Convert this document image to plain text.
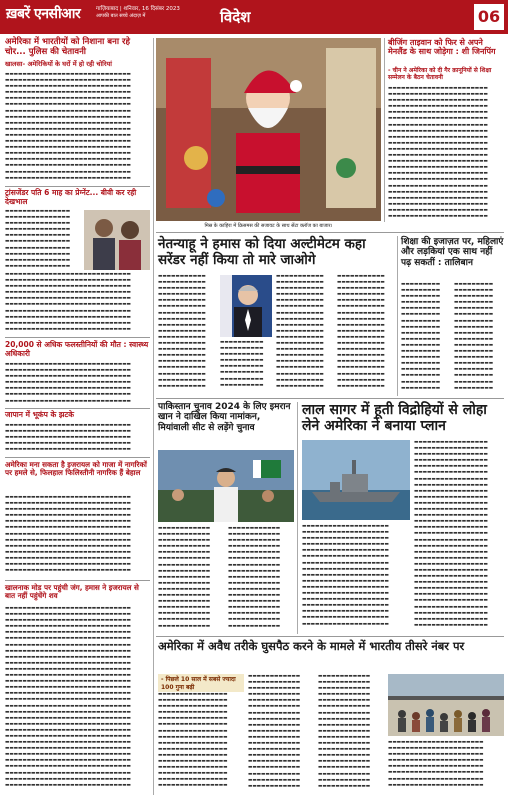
ख़बरें एनसीआर	गाज़ियाबाद | शनिवार, 16 दिसंबर 2023
आपकी बात सच्चे अंदाज़ में	विदेश	06
अमेरिका में भारतीयों को निशाना बना रहे चोर... पुलिस की चेतावनी
खालसा- अमेरिकियों के घरों में हो रही चोरियां
▬▬▬▬▬▬▬▬▬▬▬▬▬▬▬▬▬▬▬▬▬▬▬▬▬▬▬▬▬ ▬▬▬▬▬▬▬▬▬▬▬▬▬▬▬▬▬▬▬▬▬▬▬▬▬▬▬▬▬ ▬▬▬▬▬▬▬▬▬▬▬▬▬▬▬▬▬▬▬▬▬▬▬▬▬▬▬▬▬ ▬▬▬▬▬▬▬▬▬▬▬▬▬▬▬▬▬▬▬▬▬▬▬▬▬▬▬▬▬ ▬▬▬▬▬▬▬▬▬▬▬▬▬▬▬▬▬▬▬▬▬▬▬▬▬▬▬▬▬ ▬▬▬▬▬▬▬▬▬▬▬▬▬▬▬▬▬▬▬▬▬▬▬▬▬▬▬▬▬ ▬▬▬▬▬▬▬▬▬▬▬▬▬▬▬▬▬▬▬▬▬▬▬▬▬▬▬▬▬ ▬▬▬▬▬▬▬▬▬▬▬▬▬▬▬▬▬▬▬▬▬▬▬▬▬▬▬▬▬ ▬▬▬▬▬▬▬▬▬▬▬▬▬▬▬▬▬▬▬▬▬▬▬▬▬▬▬▬▬ ▬▬▬▬▬▬▬▬▬▬▬▬▬▬▬▬▬▬▬▬▬▬▬▬▬▬▬▬▬ ▬▬▬▬▬▬▬▬▬▬▬▬▬▬▬▬▬▬▬▬▬▬▬▬▬▬▬▬▬ ▬▬▬▬▬▬▬▬▬▬▬▬▬▬▬▬▬▬▬▬▬▬▬▬▬▬▬▬▬ ▬▬▬▬▬▬▬▬▬▬▬▬▬▬▬▬▬▬▬▬▬▬▬▬▬▬▬▬▬ ▬▬▬▬▬▬▬▬▬▬▬▬▬▬▬▬▬▬▬▬▬▬▬▬▬▬▬▬▬ ▬▬▬▬▬▬▬▬▬▬▬▬▬▬▬▬▬▬▬▬▬▬▬▬▬▬▬▬▬ ▬▬▬▬▬▬▬▬▬▬▬▬▬▬▬▬▬▬▬▬▬▬▬▬▬▬▬▬▬ ▬▬▬▬▬▬▬▬▬▬▬▬▬▬▬▬▬▬▬▬▬▬▬▬▬▬▬▬▬ ▬▬▬▬▬▬▬▬▬▬▬▬▬▬▬▬▬▬▬▬▬▬▬▬▬▬▬▬▬
ट्रांसजेंडर पति 6 माह का प्रेग्नेंट... बीवी कर रही देखभाल
▬▬▬▬▬▬▬▬▬▬▬▬▬▬▬ ▬▬▬▬▬▬▬▬▬▬▬▬▬▬▬ ▬▬▬▬▬▬▬▬▬▬▬▬▬▬▬ ▬▬▬▬▬▬▬▬▬▬▬▬▬▬▬ ▬▬▬▬▬▬▬▬▬▬▬▬▬▬▬ ▬▬▬▬▬▬▬▬▬▬▬▬▬▬▬ ▬▬▬▬▬▬▬▬▬▬▬▬▬▬▬ ▬▬▬▬▬▬▬▬▬▬▬▬▬▬▬ ▬▬▬▬▬▬▬▬▬▬▬▬▬▬▬ ▬▬▬▬▬▬▬▬▬▬▬▬▬▬▬
▬▬▬▬▬▬▬▬▬▬▬▬▬▬▬▬▬▬▬▬▬▬▬▬▬▬▬▬▬ ▬▬▬▬▬▬▬▬▬▬▬▬▬▬▬▬▬▬▬▬▬▬▬▬▬▬▬▬▬ ▬▬▬▬▬▬▬▬▬▬▬▬▬▬▬▬▬▬▬▬▬▬▬▬▬▬▬▬▬ ▬▬▬▬▬▬▬▬▬▬▬▬▬▬▬▬▬▬▬▬▬▬▬▬▬▬▬▬▬ ▬▬▬▬▬▬▬▬▬▬▬▬▬▬▬▬▬▬▬▬▬▬▬▬▬▬▬▬▬ ▬▬▬▬▬▬▬▬▬▬▬▬▬▬▬▬▬▬▬▬▬▬▬▬▬▬▬▬▬ ▬▬▬▬▬▬▬▬▬▬▬▬▬▬▬▬▬▬▬▬▬▬▬▬▬▬▬▬▬ ▬▬▬▬▬▬▬▬▬▬▬▬▬▬▬▬▬▬▬▬▬▬▬▬▬▬▬▬▬ ▬▬▬▬▬▬▬▬▬▬▬▬▬▬▬▬▬▬▬▬▬▬▬▬▬▬▬▬▬ ▬▬▬▬▬▬▬▬▬▬▬▬▬▬▬▬▬▬▬▬▬▬▬▬▬▬▬▬▬
20,000 से अधिक फलस्तीनियों की मौत : स्वास्थ्य अधिकारी
▬▬▬▬▬▬▬▬▬▬▬▬▬▬▬▬▬▬▬▬▬▬▬▬▬▬▬▬▬ ▬▬▬▬▬▬▬▬▬▬▬▬▬▬▬▬▬▬▬▬▬▬▬▬▬▬▬▬▬ ▬▬▬▬▬▬▬▬▬▬▬▬▬▬▬▬▬▬▬▬▬▬▬▬▬▬▬▬▬ ▬▬▬▬▬▬▬▬▬▬▬▬▬▬▬▬▬▬▬▬▬▬▬▬▬▬▬▬▬ ▬▬▬▬▬▬▬▬▬▬▬▬▬▬▬▬▬▬▬▬▬▬▬▬▬▬▬▬▬ ▬▬▬▬▬▬▬▬▬▬▬▬▬▬▬▬▬▬▬▬▬▬▬▬▬▬▬▬▬ ▬▬▬▬▬▬▬▬▬▬▬▬▬▬▬▬▬▬▬▬▬▬▬▬▬▬▬▬▬
जापान में भूकंप के झटके
▬▬▬▬▬▬▬▬▬▬▬▬▬▬▬▬▬▬▬▬▬▬▬▬▬▬▬▬▬ ▬▬▬▬▬▬▬▬▬▬▬▬▬▬▬▬▬▬▬▬▬▬▬▬▬▬▬▬▬ ▬▬▬▬▬▬▬▬▬▬▬▬▬▬▬▬▬▬▬▬▬▬▬▬▬▬▬▬▬ ▬▬▬▬▬▬▬▬▬▬▬▬▬▬▬▬▬▬▬▬▬▬▬▬▬▬▬▬▬ ▬▬▬▬▬▬▬▬▬▬▬▬▬▬▬▬▬▬▬▬▬▬▬▬▬▬▬▬▬
अमेरिका मना सकता है इजरायल को गाजा में नागरिकों पर हमले से, फिलहाल फिलिस्तीनी नागरिक हैं बेहाल
▬▬▬▬▬▬▬▬▬▬▬▬▬▬▬▬▬▬▬▬▬▬▬▬▬▬▬▬▬ ▬▬▬▬▬▬▬▬▬▬▬▬▬▬▬▬▬▬▬▬▬▬▬▬▬▬▬▬▬ ▬▬▬▬▬▬▬▬▬▬▬▬▬▬▬▬▬▬▬▬▬▬▬▬▬▬▬▬▬ ▬▬▬▬▬▬▬▬▬▬▬▬▬▬▬▬▬▬▬▬▬▬▬▬▬▬▬▬▬ ▬▬▬▬▬▬▬▬▬▬▬▬▬▬▬▬▬▬▬▬▬▬▬▬▬▬▬▬▬ ▬▬▬▬▬▬▬▬▬▬▬▬▬▬▬▬▬▬▬▬▬▬▬▬▬▬▬▬▬ ▬▬▬▬▬▬▬▬▬▬▬▬▬▬▬▬▬▬▬▬▬▬▬▬▬▬▬▬▬ ▬▬▬▬▬▬▬▬▬▬▬▬▬▬▬▬▬▬▬▬▬▬▬▬▬▬▬▬▬ ▬▬▬▬▬▬▬▬▬▬▬▬▬▬▬▬▬▬▬▬▬▬▬▬▬▬▬▬▬ ▬▬▬▬▬▬▬▬▬▬▬▬▬▬▬▬▬▬▬▬▬▬▬▬▬▬▬▬▬ ▬▬▬▬▬▬▬▬▬▬▬▬▬▬▬▬▬▬▬▬▬▬▬▬▬▬▬▬▬ ▬▬▬▬▬▬▬▬▬▬▬▬▬▬▬▬▬▬▬▬▬▬▬▬▬▬▬▬▬ ▬▬▬▬▬▬▬▬▬▬▬▬▬▬▬▬▬▬▬▬▬▬▬▬▬▬▬▬▬
खालनाक मोड पर पहुंची जंग, हमास ने इजरायल से बात नहीं पहुंचेंगे शव
▬▬▬▬▬▬▬▬▬▬▬▬▬▬▬▬▬▬▬▬▬▬▬▬▬▬▬▬▬ ▬▬▬▬▬▬▬▬▬▬▬▬▬▬▬▬▬▬▬▬▬▬▬▬▬▬▬▬▬ ▬▬▬▬▬▬▬▬▬▬▬▬▬▬▬▬▬▬▬▬▬▬▬▬▬▬▬▬▬ ▬▬▬▬▬▬▬▬▬▬▬▬▬▬▬▬▬▬▬▬▬▬▬▬▬▬▬▬▬ ▬▬▬▬▬▬▬▬▬▬▬▬▬▬▬▬▬▬▬▬▬▬▬▬▬▬▬▬▬ ▬▬▬▬▬▬▬▬▬▬▬▬▬▬▬▬▬▬▬▬▬▬▬▬▬▬▬▬▬ ▬▬▬▬▬▬▬▬▬▬▬▬▬▬▬▬▬▬▬▬▬▬▬▬▬▬▬▬▬ ▬▬▬▬▬▬▬▬▬▬▬▬▬▬▬▬▬▬▬▬▬▬▬▬▬▬▬▬▬ ▬▬▬▬▬▬▬▬▬▬▬▬▬▬▬▬▬▬▬▬▬▬▬▬▬▬▬▬▬ ▬▬▬▬▬▬▬▬▬▬▬▬▬▬▬▬▬▬▬▬▬▬▬▬▬▬▬▬▬ ▬▬▬▬▬▬▬▬▬▬▬▬▬▬▬▬▬▬▬▬▬▬▬▬▬▬▬▬▬ ▬▬▬▬▬▬▬▬▬▬▬▬▬▬▬▬▬▬▬▬▬▬▬▬▬▬▬▬▬ ▬▬▬▬▬▬▬▬▬▬▬▬▬▬▬▬▬▬▬▬▬▬▬▬▬▬▬▬▬ ▬▬▬▬▬▬▬▬▬▬▬▬▬▬▬▬▬▬▬▬▬▬▬▬▬▬▬▬▬ ▬▬▬▬▬▬▬▬▬▬▬▬▬▬▬▬▬▬▬▬▬▬▬▬▬▬▬▬▬ ▬▬▬▬▬▬▬▬▬▬▬▬▬▬▬▬▬▬▬▬▬▬▬▬▬▬▬▬▬ ▬▬▬▬▬▬▬▬▬▬▬▬▬▬▬▬▬▬▬▬▬▬▬▬▬▬▬▬▬ ▬▬▬▬▬▬▬▬▬▬▬▬▬▬▬▬▬▬▬▬▬▬▬▬▬▬▬▬▬ ▬▬▬▬▬▬▬▬▬▬▬▬▬▬▬▬▬▬▬▬▬▬▬▬▬▬▬▬▬ ▬▬▬▬▬▬▬▬▬▬▬▬▬▬▬▬▬▬▬▬▬▬▬▬▬▬▬▬▬ ▬▬▬▬▬▬▬▬▬▬▬▬▬▬▬▬▬▬▬▬▬▬▬▬▬▬▬▬▬ ▬▬▬▬▬▬▬▬▬▬▬▬▬▬▬▬▬▬▬▬▬▬▬▬▬▬▬▬▬ ▬▬▬▬▬▬▬▬▬▬▬▬▬▬▬▬▬▬▬▬▬▬▬▬▬▬▬▬▬ ▬▬▬▬▬▬▬▬▬▬▬▬▬▬▬▬▬▬▬▬▬▬▬▬▬▬▬▬▬ ▬▬▬▬▬▬▬▬▬▬▬▬▬▬▬▬▬▬▬▬▬▬▬▬▬▬▬▬▬ ▬▬▬▬▬▬▬▬▬▬▬▬▬▬▬▬▬▬▬▬▬▬▬▬▬▬▬▬▬ ▬▬▬▬▬▬▬▬▬▬▬▬▬▬▬▬▬▬▬▬▬▬▬▬▬▬▬▬▬ ▬▬▬▬▬▬▬▬▬▬▬▬▬▬▬▬▬▬▬▬▬▬▬▬▬▬▬▬▬ ▬▬▬▬▬▬▬▬▬▬▬▬▬▬▬▬▬▬▬▬▬▬▬▬▬▬▬▬▬ ▬▬▬▬▬▬▬▬▬▬▬▬▬▬▬▬▬▬▬▬▬▬▬▬▬▬▬▬▬
मिस्र के काहिरा में क्रिसमस की सजावट के साथ सेंटा क्लॉज का बाजार।
बीजिंग ताइवान को फिर से अपने मेनलैंड के साथ जोड़ेगा : शी जिनपिंग
- चीन ने अमेरिका को दी गैर क़ानूनियों से शिक्षा सम्मेलन के बैठन चेतावनी
▬▬▬▬▬▬▬▬▬▬▬▬▬▬▬▬▬▬▬▬▬▬▬ ▬▬▬▬▬▬▬▬▬▬▬▬▬▬▬▬▬▬▬▬▬▬▬ ▬▬▬▬▬▬▬▬▬▬▬▬▬▬▬▬▬▬▬▬▬▬▬ ▬▬▬▬▬▬▬▬▬▬▬▬▬▬▬▬▬▬▬▬▬▬▬ ▬▬▬▬▬▬▬▬▬▬▬▬▬▬▬▬▬▬▬▬▬▬▬ ▬▬▬▬▬▬▬▬▬▬▬▬▬▬▬▬▬▬▬▬▬▬▬ ▬▬▬▬▬▬▬▬▬▬▬▬▬▬▬▬▬▬▬▬▬▬▬ ▬▬▬▬▬▬▬▬▬▬▬▬▬▬▬▬▬▬▬▬▬▬▬ ▬▬▬▬▬▬▬▬▬▬▬▬▬▬▬▬▬▬▬▬▬▬▬ ▬▬▬▬▬▬▬▬▬▬▬▬▬▬▬▬▬▬▬▬▬▬▬ ▬▬▬▬▬▬▬▬▬▬▬▬▬▬▬▬▬▬▬▬▬▬▬ ▬▬▬▬▬▬▬▬▬▬▬▬▬▬▬▬▬▬▬▬▬▬▬ ▬▬▬▬▬▬▬▬▬▬▬▬▬▬▬▬▬▬▬▬▬▬▬ ▬▬▬▬▬▬▬▬▬▬▬▬▬▬▬▬▬▬▬▬▬▬▬ ▬▬▬▬▬▬▬▬▬▬▬▬▬▬▬▬▬▬▬▬▬▬▬ ▬▬▬▬▬▬▬▬▬▬▬▬▬▬▬▬▬▬▬▬▬▬▬ ▬▬▬▬▬▬▬▬▬▬▬▬▬▬▬▬▬▬▬▬▬▬▬ ▬▬▬▬▬▬▬▬▬▬▬▬▬▬▬▬▬▬▬▬▬▬▬ ▬▬▬▬▬▬▬▬▬▬▬▬▬▬▬▬▬▬▬▬▬▬▬ ▬▬▬▬▬▬▬▬▬▬▬▬▬▬▬▬▬▬▬▬▬▬▬ ▬▬▬▬▬▬▬▬▬▬▬▬▬▬▬▬▬▬▬▬▬▬▬ ▬▬▬▬▬▬▬▬▬▬▬▬▬▬▬▬▬▬▬▬▬▬▬
नेतन्याहू ने हमास को दिया अल्टीमेटम कहा सरेंडर नहीं किया तो मारे जाओगे
▬▬▬▬▬▬▬▬▬▬▬ ▬▬▬▬▬▬▬▬▬▬▬ ▬▬▬▬▬▬▬▬▬▬▬ ▬▬▬▬▬▬▬▬▬▬▬ ▬▬▬▬▬▬▬▬▬▬▬ ▬▬▬▬▬▬▬▬▬▬▬ ▬▬▬▬▬▬▬▬▬▬▬ ▬▬▬▬▬▬▬▬▬▬▬ ▬▬▬▬▬▬▬▬▬▬▬ ▬▬▬▬▬▬▬▬▬▬▬ ▬▬▬▬▬▬▬▬▬▬▬ ▬▬▬▬▬▬▬▬▬▬▬ ▬▬▬▬▬▬▬▬▬▬▬ ▬▬▬▬▬▬▬▬▬▬▬ ▬▬▬▬▬▬▬▬▬▬▬ ▬▬▬▬▬▬▬▬▬▬▬ ▬▬▬▬▬▬▬▬▬▬▬ ▬▬▬▬▬▬▬▬▬▬▬ ▬▬▬▬▬▬▬▬▬▬▬
▬▬▬▬▬▬▬▬▬▬ ▬▬▬▬▬▬▬▬▬▬ ▬▬▬▬▬▬▬▬▬▬ ▬▬▬▬▬▬▬▬▬▬ ▬▬▬▬▬▬▬▬▬▬ ▬▬▬▬▬▬▬▬▬▬ ▬▬▬▬▬▬▬▬▬▬ ▬▬▬▬▬▬▬▬▬▬
▬▬▬▬▬▬▬▬▬▬▬ ▬▬▬▬▬▬▬▬▬▬▬ ▬▬▬▬▬▬▬▬▬▬▬ ▬▬▬▬▬▬▬▬▬▬▬ ▬▬▬▬▬▬▬▬▬▬▬ ▬▬▬▬▬▬▬▬▬▬▬ ▬▬▬▬▬▬▬▬▬▬▬ ▬▬▬▬▬▬▬▬▬▬▬ ▬▬▬▬▬▬▬▬▬▬▬ ▬▬▬▬▬▬▬▬▬▬▬ ▬▬▬▬▬▬▬▬▬▬▬ ▬▬▬▬▬▬▬▬▬▬▬ ▬▬▬▬▬▬▬▬▬▬▬ ▬▬▬▬▬▬▬▬▬▬▬ ▬▬▬▬▬▬▬▬▬▬▬ ▬▬▬▬▬▬▬▬▬▬▬ ▬▬▬▬▬▬▬▬▬▬▬ ▬▬▬▬▬▬▬▬▬▬▬ ▬▬▬▬▬▬▬▬▬▬▬
▬▬▬▬▬▬▬▬▬▬▬ ▬▬▬▬▬▬▬▬▬▬▬ ▬▬▬▬▬▬▬▬▬▬▬ ▬▬▬▬▬▬▬▬▬▬▬ ▬▬▬▬▬▬▬▬▬▬▬ ▬▬▬▬▬▬▬▬▬▬▬ ▬▬▬▬▬▬▬▬▬▬▬ ▬▬▬▬▬▬▬▬▬▬▬ ▬▬▬▬▬▬▬▬▬▬▬ ▬▬▬▬▬▬▬▬▬▬▬ ▬▬▬▬▬▬▬▬▬▬▬ ▬▬▬▬▬▬▬▬▬▬▬ ▬▬▬▬▬▬▬▬▬▬▬ ▬▬▬▬▬▬▬▬▬▬▬ ▬▬▬▬▬▬▬▬▬▬▬ ▬▬▬▬▬▬▬▬▬▬▬ ▬▬▬▬▬▬▬▬▬▬▬ ▬▬▬▬▬▬▬▬▬▬▬ ▬▬▬▬▬▬▬▬▬▬▬
शिक्षा की इजाज़त पर, महिलाएं और लड़कियां एक साथ नहीं पढ़ सकतीं : तालिबान
▬▬▬▬▬▬▬▬▬ ▬▬▬▬▬▬▬▬▬ ▬▬▬▬▬▬▬▬▬ ▬▬▬▬▬▬▬▬▬ ▬▬▬▬▬▬▬▬▬ ▬▬▬▬▬▬▬▬▬ ▬▬▬▬▬▬▬▬▬ ▬▬▬▬▬▬▬▬▬ ▬▬▬▬▬▬▬▬▬ ▬▬▬▬▬▬▬▬▬ ▬▬▬▬▬▬▬▬▬ ▬▬▬▬▬▬▬▬▬ ▬▬▬▬▬▬▬▬▬ ▬▬▬▬▬▬▬▬▬ ▬▬▬▬▬▬▬▬▬ ▬▬▬▬▬▬▬▬▬ ▬▬▬▬▬▬▬▬▬ ▬▬▬▬▬▬▬▬▬
▬▬▬▬▬▬▬▬▬ ▬▬▬▬▬▬▬▬▬ ▬▬▬▬▬▬▬▬▬ ▬▬▬▬▬▬▬▬▬ ▬▬▬▬▬▬▬▬▬ ▬▬▬▬▬▬▬▬▬ ▬▬▬▬▬▬▬▬▬ ▬▬▬▬▬▬▬▬▬ ▬▬▬▬▬▬▬▬▬ ▬▬▬▬▬▬▬▬▬ ▬▬▬▬▬▬▬▬▬ ▬▬▬▬▬▬▬▬▬ ▬▬▬▬▬▬▬▬▬ ▬▬▬▬▬▬▬▬▬ ▬▬▬▬▬▬▬▬▬ ▬▬▬▬▬▬▬▬▬ ▬▬▬▬▬▬▬▬▬ ▬▬▬▬▬▬▬▬▬
पाकिस्तान चुनाव 2024 के लिए इमरान खान ने दाखिल किया नामांकन, मियांवाली सीट से लड़ेंगे चुनाव
▬▬▬▬▬▬▬▬▬▬▬▬ ▬▬▬▬▬▬▬▬▬▬▬▬ ▬▬▬▬▬▬▬▬▬▬▬▬ ▬▬▬▬▬▬▬▬▬▬▬▬ ▬▬▬▬▬▬▬▬▬▬▬▬ ▬▬▬▬▬▬▬▬▬▬▬▬ ▬▬▬▬▬▬▬▬▬▬▬▬ ▬▬▬▬▬▬▬▬▬▬▬▬ ▬▬▬▬▬▬▬▬▬▬▬▬ ▬▬▬▬▬▬▬▬▬▬▬▬ ▬▬▬▬▬▬▬▬▬▬▬▬ ▬▬▬▬▬▬▬▬▬▬▬▬ ▬▬▬▬▬▬▬▬▬▬▬▬ ▬▬▬▬▬▬▬▬▬▬▬▬ ▬▬▬▬▬▬▬▬▬▬▬▬ ▬▬▬▬▬▬▬▬▬▬▬▬ ▬▬▬▬▬▬▬▬▬▬▬▬
▬▬▬▬▬▬▬▬▬▬▬▬ ▬▬▬▬▬▬▬▬▬▬▬▬ ▬▬▬▬▬▬▬▬▬▬▬▬ ▬▬▬▬▬▬▬▬▬▬▬▬ ▬▬▬▬▬▬▬▬▬▬▬▬ ▬▬▬▬▬▬▬▬▬▬▬▬ ▬▬▬▬▬▬▬▬▬▬▬▬ ▬▬▬▬▬▬▬▬▬▬▬▬ ▬▬▬▬▬▬▬▬▬▬▬▬ ▬▬▬▬▬▬▬▬▬▬▬▬ ▬▬▬▬▬▬▬▬▬▬▬▬ ▬▬▬▬▬▬▬▬▬▬▬▬ ▬▬▬▬▬▬▬▬▬▬▬▬ ▬▬▬▬▬▬▬▬▬▬▬▬ ▬▬▬▬▬▬▬▬▬▬▬▬ ▬▬▬▬▬▬▬▬▬▬▬▬ ▬▬▬▬▬▬▬▬▬▬▬▬
लाल सागर में हूती विद्रोहियों से लोहा लेने अमेरिका ने बनाया प्लान
▬▬▬▬▬▬▬▬▬▬▬▬▬▬▬▬▬▬▬▬ ▬▬▬▬▬▬▬▬▬▬▬▬▬▬▬▬▬▬▬▬ ▬▬▬▬▬▬▬▬▬▬▬▬▬▬▬▬▬▬▬▬ ▬▬▬▬▬▬▬▬▬▬▬▬▬▬▬▬▬▬▬▬ ▬▬▬▬▬▬▬▬▬▬▬▬▬▬▬▬▬▬▬▬ ▬▬▬▬▬▬▬▬▬▬▬▬▬▬▬▬▬▬▬▬ ▬▬▬▬▬▬▬▬▬▬▬▬▬▬▬▬▬▬▬▬ ▬▬▬▬▬▬▬▬▬▬▬▬▬▬▬▬▬▬▬▬ ▬▬▬▬▬▬▬▬▬▬▬▬▬▬▬▬▬▬▬▬ ▬▬▬▬▬▬▬▬▬▬▬▬▬▬▬▬▬▬▬▬ ▬▬▬▬▬▬▬▬▬▬▬▬▬▬▬▬▬▬▬▬ ▬▬▬▬▬▬▬▬▬▬▬▬▬▬▬▬▬▬▬▬ ▬▬▬▬▬▬▬▬▬▬▬▬▬▬▬▬▬▬▬▬ ▬▬▬▬▬▬▬▬▬▬▬▬▬▬▬▬▬▬▬▬ ▬▬▬▬▬▬▬▬▬▬▬▬▬▬▬▬▬▬▬▬ ▬▬▬▬▬▬▬▬▬▬▬▬▬▬▬▬▬▬▬▬ ▬▬▬▬▬▬▬▬▬▬▬▬▬▬▬▬▬▬▬▬
▬▬▬▬▬▬▬▬▬▬▬▬▬▬▬▬▬ ▬▬▬▬▬▬▬▬▬▬▬▬▬▬▬▬▬ ▬▬▬▬▬▬▬▬▬▬▬▬▬▬▬▬▬ ▬▬▬▬▬▬▬▬▬▬▬▬▬▬▬▬▬ ▬▬▬▬▬▬▬▬▬▬▬▬▬▬▬▬▬ ▬▬▬▬▬▬▬▬▬▬▬▬▬▬▬▬▬ ▬▬▬▬▬▬▬▬▬▬▬▬▬▬▬▬▬ ▬▬▬▬▬▬▬▬▬▬▬▬▬▬▬▬▬ ▬▬▬▬▬▬▬▬▬▬▬▬▬▬▬▬▬ ▬▬▬▬▬▬▬▬▬▬▬▬▬▬▬▬▬ ▬▬▬▬▬▬▬▬▬▬▬▬▬▬▬▬▬ ▬▬▬▬▬▬▬▬▬▬▬▬▬▬▬▬▬ ▬▬▬▬▬▬▬▬▬▬▬▬▬▬▬▬▬ ▬▬▬▬▬▬▬▬▬▬▬▬▬▬▬▬▬ ▬▬▬▬▬▬▬▬▬▬▬▬▬▬▬▬▬ ▬▬▬▬▬▬▬▬▬▬▬▬▬▬▬▬▬ ▬▬▬▬▬▬▬▬▬▬▬▬▬▬▬▬▬ ▬▬▬▬▬▬▬▬▬▬▬▬▬▬▬▬▬ ▬▬▬▬▬▬▬▬▬▬▬▬▬▬▬▬▬ ▬▬▬▬▬▬▬▬▬▬▬▬▬▬▬▬▬ ▬▬▬▬▬▬▬▬▬▬▬▬▬▬▬▬▬ ▬▬▬▬▬▬▬▬▬▬▬▬▬▬▬▬▬ ▬▬▬▬▬▬▬▬▬▬▬▬▬▬▬▬▬ ▬▬▬▬▬▬▬▬▬▬▬▬▬▬▬▬▬ ▬▬▬▬▬▬▬▬▬▬▬▬▬▬▬▬▬ ▬▬▬▬▬▬▬▬▬▬▬▬▬▬▬▬▬ ▬▬▬▬▬▬▬▬▬▬▬▬▬▬▬▬▬ ▬▬▬▬▬▬▬▬▬▬▬▬▬▬▬▬▬ ▬▬▬▬▬▬▬▬▬▬▬▬▬▬▬▬▬ ▬▬▬▬▬▬▬▬▬▬▬▬▬▬▬▬▬ ▬▬▬▬▬▬▬▬▬▬▬▬▬▬▬▬▬
अमेरिका में अवैध तरीके घुसपैठ करने के मामले में भारतीय तीसरे नंबर पर
- पिछले 10 साल में सबसे ज्यादा 100 गुना बढ़ी
▬▬▬▬▬▬▬▬▬▬▬▬▬▬▬▬ ▬▬▬▬▬▬▬▬▬▬▬▬▬▬▬▬ ▬▬▬▬▬▬▬▬▬▬▬▬▬▬▬▬ ▬▬▬▬▬▬▬▬▬▬▬▬▬▬▬▬ ▬▬▬▬▬▬▬▬▬▬▬▬▬▬▬▬ ▬▬▬▬▬▬▬▬▬▬▬▬▬▬▬▬ ▬▬▬▬▬▬▬▬▬▬▬▬▬▬▬▬ ▬▬▬▬▬▬▬▬▬▬▬▬▬▬▬▬ ▬▬▬▬▬▬▬▬▬▬▬▬▬▬▬▬ ▬▬▬▬▬▬▬▬▬▬▬▬▬▬▬▬ ▬▬▬▬▬▬▬▬▬▬▬▬▬▬▬▬ ▬▬▬▬▬▬▬▬▬▬▬▬▬▬▬▬ ▬▬▬▬▬▬▬▬▬▬▬▬▬▬▬▬ ▬▬▬▬▬▬▬▬▬▬▬▬▬▬▬▬ ▬▬▬▬▬▬▬▬▬▬▬▬▬▬▬▬ ▬▬▬▬▬▬▬▬▬▬▬▬▬▬▬▬
▬▬▬▬▬▬▬▬▬▬▬▬ ▬▬▬▬▬▬▬▬▬▬▬▬ ▬▬▬▬▬▬▬▬▬▬▬▬ ▬▬▬▬▬▬▬▬▬▬▬▬ ▬▬▬▬▬▬▬▬▬▬▬▬ ▬▬▬▬▬▬▬▬▬▬▬▬ ▬▬▬▬▬▬▬▬▬▬▬▬ ▬▬▬▬▬▬▬▬▬▬▬▬ ▬▬▬▬▬▬▬▬▬▬▬▬ ▬▬▬▬▬▬▬▬▬▬▬▬ ▬▬▬▬▬▬▬▬▬▬▬▬ ▬▬▬▬▬▬▬▬▬▬▬▬ ▬▬▬▬▬▬▬▬▬▬▬▬ ▬▬▬▬▬▬▬▬▬▬▬▬ ▬▬▬▬▬▬▬▬▬▬▬▬ ▬▬▬▬▬▬▬▬▬▬▬▬ ▬▬▬▬▬▬▬▬▬▬▬▬ ▬▬▬▬▬▬▬▬▬▬▬▬ ▬▬▬▬▬▬▬▬▬▬▬▬
▬▬▬▬▬▬▬▬▬▬▬▬ ▬▬▬▬▬▬▬▬▬▬▬▬ ▬▬▬▬▬▬▬▬▬▬▬▬ ▬▬▬▬▬▬▬▬▬▬▬▬ ▬▬▬▬▬▬▬▬▬▬▬▬ ▬▬▬▬▬▬▬▬▬▬▬▬ ▬▬▬▬▬▬▬▬▬▬▬▬ ▬▬▬▬▬▬▬▬▬▬▬▬ ▬▬▬▬▬▬▬▬▬▬▬▬ ▬▬▬▬▬▬▬▬▬▬▬▬ ▬▬▬▬▬▬▬▬▬▬▬▬ ▬▬▬▬▬▬▬▬▬▬▬▬ ▬▬▬▬▬▬▬▬▬▬▬▬ ▬▬▬▬▬▬▬▬▬▬▬▬ ▬▬▬▬▬▬▬▬▬▬▬▬ ▬▬▬▬▬▬▬▬▬▬▬▬ ▬▬▬▬▬▬▬▬▬▬▬▬ ▬▬▬▬▬▬▬▬▬▬▬▬ ▬▬▬▬▬▬▬▬▬▬▬▬
▬▬▬▬▬▬▬▬▬▬▬▬▬▬▬▬▬▬▬▬▬▬ ▬▬▬▬▬▬▬▬▬▬▬▬▬▬▬▬▬▬▬▬▬▬ ▬▬▬▬▬▬▬▬▬▬▬▬▬▬▬▬▬▬▬▬▬▬ ▬▬▬▬▬▬▬▬▬▬▬▬▬▬▬▬▬▬▬▬▬▬ ▬▬▬▬▬▬▬▬▬▬▬▬▬▬▬▬▬▬▬▬▬▬ ▬▬▬▬▬▬▬▬▬▬▬▬▬▬▬▬▬▬▬▬▬▬ ▬▬▬▬▬▬▬▬▬▬▬▬▬▬▬▬▬▬▬▬▬▬ ▬▬▬▬▬▬▬▬▬▬▬▬▬▬▬▬▬▬▬▬▬▬
